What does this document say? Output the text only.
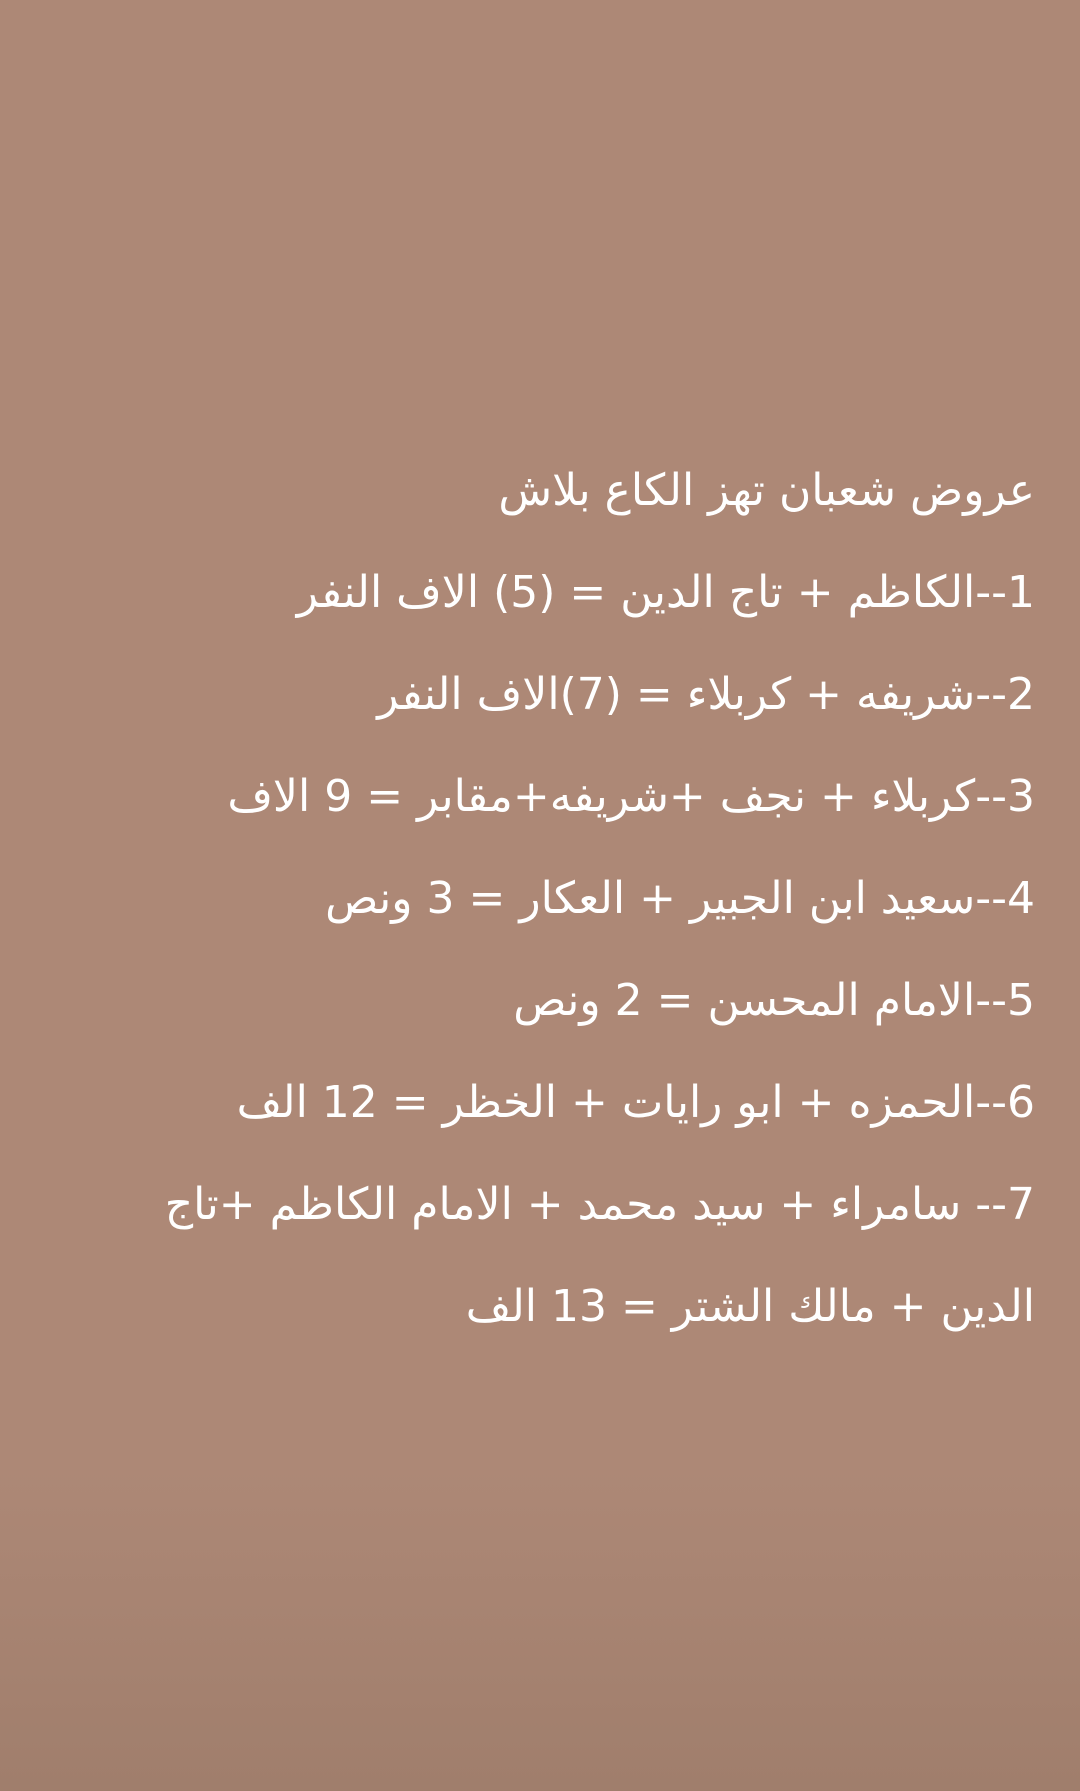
عروض شعبان تهز الكاع بلاش
1--الكاظم + تاج الدين = (5) الاف النفر
2--شريفه + كربلاء = (7)الاف النفر
3--كربلاء + نجف +شريفه+مقابر = 9 الاف
4--سعيد ابن الجبير + العكار = 3 ونص
5--الامام المحسن = 2 ونص
6--الحمزه + ابو رايات + الخظر = 12 الف
7-- سامراء + سيد محمد + الامام الكاظم +تاج
الدين + مالك الشتر = 13 الف
